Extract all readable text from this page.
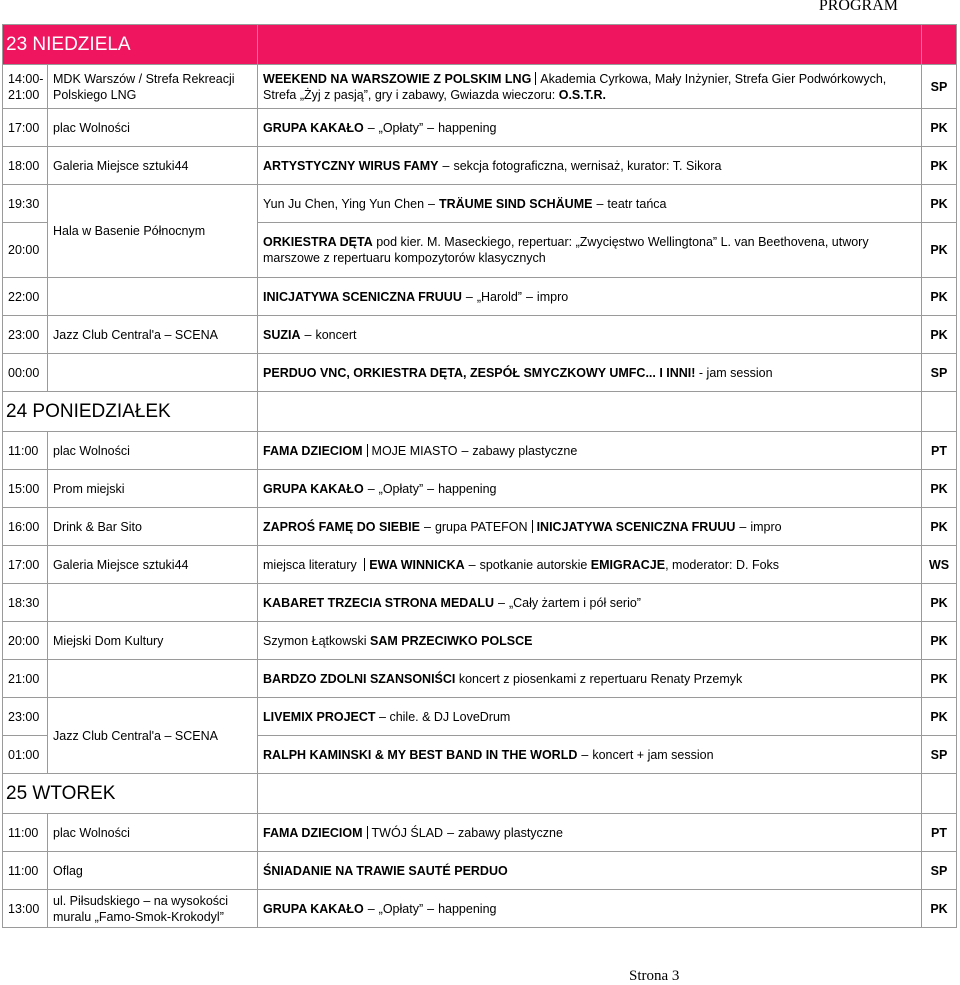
PROGRAM
23 NIEDZIELA			
14:00-
21:00	MDK Warszów / Strefa Rekreacji Polskiego LNG	WEEKEND NA WARSZOWIE Z POLSKIM LNG Akademia Cyrkowa, Mały Inżynier, Strefa Gier Podwórkowych, Strefa „Żyj z pasją”, gry i zabawy, Gwiazda wieczoru: O.S.T.R.	SP
17:00	plac Wolności	GRUPA KAKAŁO – „Opłaty” – happening	PK
18:00	Galeria Miejsce sztuki44	ARTYSTYCZNY WIRUS FAMY – sekcja fotograficzna, wernisaż, kurator: T. Sikora	PK
19:30	Hala w Basenie Północnym	Yun Ju Chen, Ying Yun Chen – TRÄUME SIND SCHÄUME – teatr tańca	PK
20:00		ORKIESTRA DĘTA pod kier. M. Maseckiego, repertuar: „Zwycięstwo Wellingtona” L. van Beethovena, utwory marszowe z repertuaru kompozytorów klasycznych	PK
22:00		INICJATYWA SCENICZNA FRUUU – „Harold” – impro	PK
23:00	Jazz Club Central'a – SCENA	SUZIA – koncert	PK
00:00		PERDUO VNC, ORKIESTRA DĘTA, ZESPÓŁ SMYCZKOWY UMFC... I INNI! - jam session	SP
24 PONIEDZIAŁEK			
11:00	plac Wolności	FAMA DZIECIOM MOJE MIASTO – zabawy plastyczne	PT
15:00	Prom miejski	GRUPA KAKAŁO – „Opłaty” – happening	PK
16:00	Drink & Bar Sito	ZAPROŚ FAMĘ DO SIEBIE – grupa PATEFON INICJATYWA SCENICZNA FRUUU – impro	PK
17:00	Galeria Miejsce sztuki44	miejsca literatury EWA WINNICKA – spotkanie autorskie EMIGRACJE, moderator: D. Foks	WS
18:30		KABARET TRZECIA STRONA MEDALU – „Cały żartem i pół serio”	PK
20:00	Miejski Dom Kultury	Szymon Łątkowski SAM PRZECIWKO POLSCE	PK
21:00		BARDZO ZDOLNI SZANSONIŚCI koncert z piosenkami z repertuaru Renaty Przemyk	PK
23:00	Jazz Club Central'a – SCENA	LIVEMIX PROJECT – chile. & DJ LoveDrum	PK
01:00		RALPH KAMINSKI & MY BEST BAND IN THE WORLD – koncert + jam session	SP
25 WTOREK			
11:00	plac Wolności	FAMA DZIECIOM TWÓJ ŚLAD – zabawy plastyczne	PT
11:00	Oflag	ŚNIADANIE NA TRAWIE SAUTÉ PERDUO	SP
13:00	ul. Piłsudskiego – na wysokości muralu „Famo-Smok-Krokodyl”	GRUPA KAKAŁO – „Opłaty” – happening	PK
Strona 3
